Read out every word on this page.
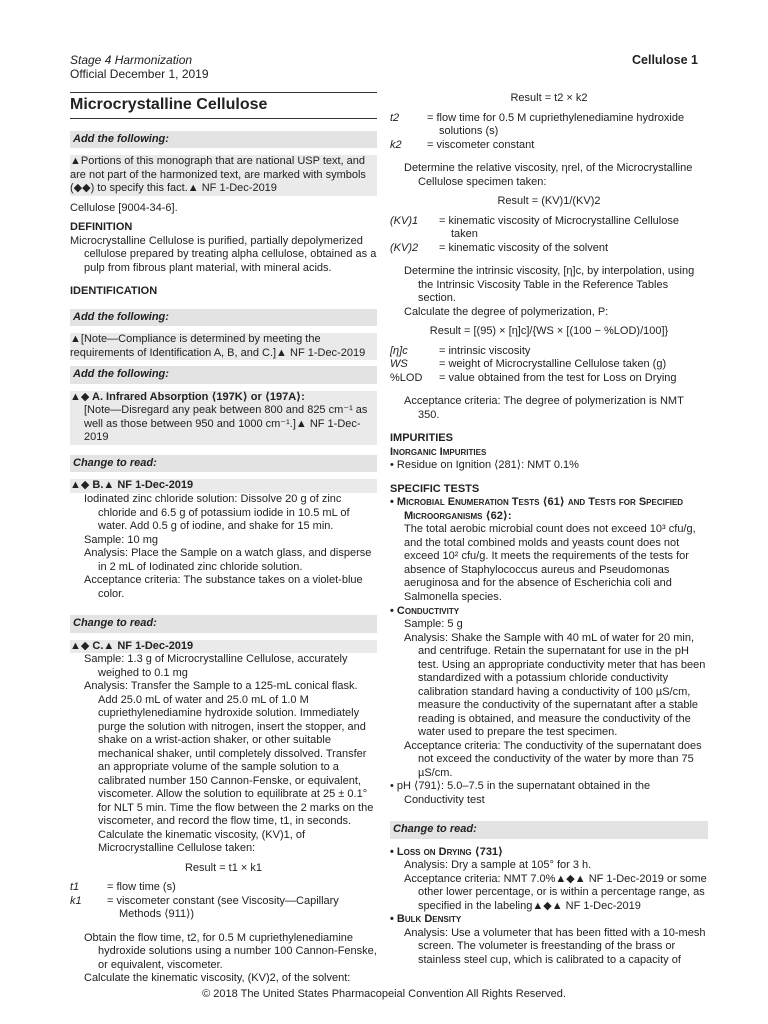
Stage 4 Harmonization
Official December 1, 2019
Cellulose 1
Microcrystalline Cellulose
Add the following:

▲Portions of this monograph that are national USP text, and are not part of the harmonized text, are marked with symbols (◆◆) to specify this fact.▲ NF 1-Dec-2019

Cellulose [9004-34-6].

DEFINITION

Microcrystalline Cellulose is purified, partially depolymerized cellulose prepared by treating alpha cellulose, obtained as a pulp from fibrous plant material, with mineral acids.

IDENTIFICATION

Add the following:

▲[Note—Compliance is determined by meeting the requirements of Identification A, B, and C.]▲ NF 1-Dec-2019

Add the following:

▲◆ A. Infrared Absorption ⟨197K⟩ or ⟨197A⟩:

[Note—Disregard any peak between 800 and 825 cm⁻¹ as well as those between 950 and 1000 cm⁻¹.]▲ NF 1-Dec-2019

Change to read:

▲◆ B.▲ NF 1-Dec-2019

Iodinated zinc chloride solution: Dissolve 20 g of zinc chloride and 6.5 g of potassium iodide in 10.5 mL of water. Add 0.5 g of iodine, and shake for 15 min.

Sample: 10 mg

Analysis: Place the Sample on a watch glass, and disperse in 2 mL of Iodinated zinc chloride solution.

Acceptance criteria: The substance takes on a violet-blue color.

Change to read:

▲◆ C.▲ NF 1-Dec-2019

Sample: 1.3 g of Microcrystalline Cellulose, accurately weighed to 0.1 mg

Analysis: Transfer the Sample to a 125-mL conical flask. Add 25.0 mL of water and 25.0 mL of 1.0 M cupriethylenediamine hydroxide solution. Immediately purge the solution with nitrogen, insert the stopper, and shake on a wrist-action shaker, or other suitable mechanical shaker, until completely dissolved. Transfer an appropriate volume of the sample solution to a calibrated number 150 Cannon-Fenske, or equivalent, viscometer. Allow the solution to equilibrate at 25 ± 0.1° for NLT 5 min. Time the flow between the 2 marks on the viscometer, and record the flow time, t1, in seconds. Calculate the kinematic viscosity, (KV)1, of Microcrystalline Cellulose taken:

Result = t1 × k1

t1	= flow time (s)
k1	= viscometer constant (see Viscosity—Capillary Methods ⟨911⟩)

Obtain the flow time, t2, for 0.5 M cupriethylenediamine hydroxide solutions using a number 100 Cannon-Fenske, or equivalent, viscometer.

Calculate the kinematic viscosity, (KV)2, of the solvent:

Result = t2 × k2

t2	= flow time for 0.5 M cupriethylenediamine hydroxide solutions (s)
k2	= viscometer constant

Determine the relative viscosity, ηrel, of the Microcrystalline Cellulose specimen taken:

Result = (KV)1/(KV)2

(KV)1	= kinematic viscosity of Microcrystalline Cellulose taken
(KV)2	= kinematic viscosity of the solvent

Determine the intrinsic viscosity, [η]c, by interpolation, using the Intrinsic Viscosity Table in the Reference Tables section.

Calculate the degree of polymerization, P:

Result = [(95) × [η]c]/{WS × [(100 − %LOD)/100]}

[η]c	= intrinsic viscosity
WS	= weight of Microcrystalline Cellulose taken (g)
%LOD	= value obtained from the test for Loss on Drying

Acceptance criteria: The degree of polymerization is NMT 350.

IMPURITIES

Inorganic Impurities

• Residue on Ignition ⟨281⟩: NMT 0.1%

SPECIFIC TESTS

• Microbial Enumeration Tests ⟨61⟩ and Tests for Specified Microorganisms ⟨62⟩:

The total aerobic microbial count does not exceed 10³ cfu/g, and the total combined molds and yeasts count does not exceed 10² cfu/g. It meets the requirements of the tests for absence of Staphylococcus aureus and Pseudomonas aeruginosa and for the absence of Escherichia coli and Salmonella species.

• Conductivity

Sample: 5 g

Analysis: Shake the Sample with 40 mL of water for 20 min, and centrifuge. Retain the supernatant for use in the pH test. Using an appropriate conductivity meter that has been standardized with a potassium chloride conductivity calibration standard having a conductivity of 100 µS/cm, measure the conductivity of the supernatant after a stable reading is obtained, and measure the conductivity of the water used to prepare the test specimen.

Acceptance criteria: The conductivity of the supernatant does not exceed the conductivity of the water by more than 75 µS/cm.

• pH ⟨791⟩: 5.0–7.5 in the supernatant obtained in the Conductivity test

Change to read:

• Loss on Drying ⟨731⟩

Analysis: Dry a sample at 105° for 3 h.

Acceptance criteria: NMT 7.0%▲◆▲ NF 1-Dec-2019 or some other lower percentage, or is within a percentage range, as specified in the labeling▲◆▲ NF 1-Dec-2019

• Bulk Density

Analysis: Use a volumeter that has been fitted with a 10-mesh screen. The volumeter is freestanding of the brass or stainless steel cup, which is calibrated to a capacity of

© 2018 The United States Pharmacopeial Convention All Rights Reserved.
